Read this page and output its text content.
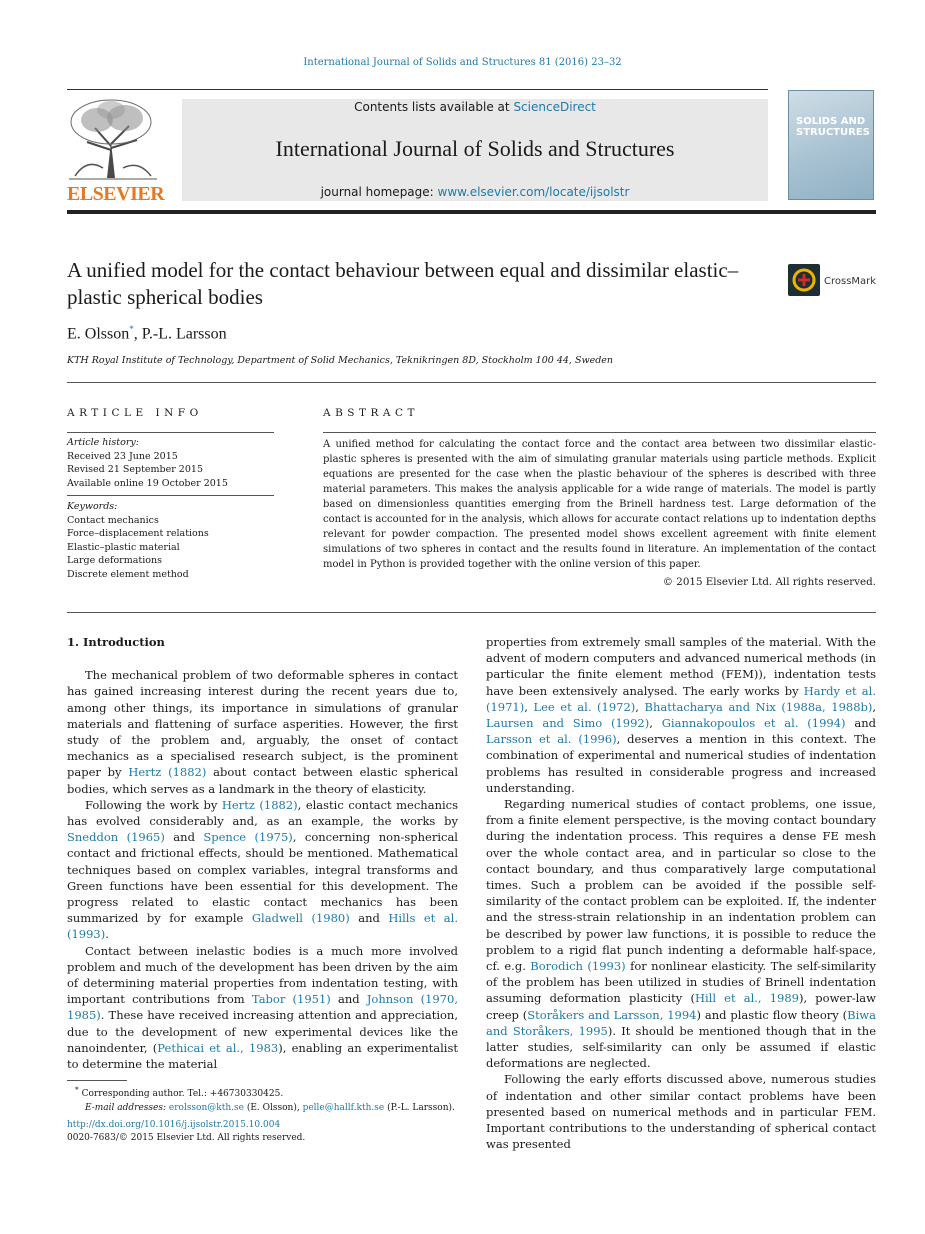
International Journal of Solids and Structures 81 (2016) 23–32
ELSEVIER
Contents lists available at ScienceDirect
International Journal of Solids and Structures
journal homepage: www.elsevier.com/locate/ijsolstr
SOLIDS AND STRUCTURES
A unified model for the contact behaviour between equal and dissimilar elastic–plastic spherical bodies
CrossMark
E. Olsson*, P.-L. Larsson
KTH Royal Institute of Technology, Department of Solid Mechanics, Teknikringen 8D, Stockholm 100 44, Sweden
ARTICLE INFO
Article history:
Received 23 June 2015
Revised 21 September 2015
Available online 19 October 2015
Keywords:
Contact mechanics
Force–displacement relations
Elastic–plastic material
Large deformations
Discrete element method
ABSTRACT
A unified method for calculating the contact force and the contact area between two dissimilar elastic-plastic spheres is presented with the aim of simulating granular materials using particle methods. Explicit equations are presented for the case when the plastic behaviour of the spheres is described with three material parameters. This makes the analysis applicable for a wide range of materials. The model is partly based on dimensionless quantities emerging from the Brinell hardness test. Large deformation of the contact is accounted for in the analysis, which allows for accurate contact relations up to indentation depths relevant for powder compaction. The presented model shows excellent agreement with finite element simulations of two spheres in contact and the results found in literature. An implementation of the contact model in Python is provided together with the online version of this paper.
© 2015 Elsevier Ltd. All rights reserved.

1. Introduction

The mechanical problem of two deformable spheres in contact has gained increasing interest during the recent years due to, among other things, its importance in simulations of granular materials and flattening of surface asperities. However, the first study of the problem and, arguably, the onset of contact mechanics as a specialised research subject, is the prominent paper by Hertz (1882) about contact between elastic spherical bodies, which serves as a landmark in the theory of elasticity.

Following the work by Hertz (1882), elastic contact mechanics has evolved considerably and, as an example, the works by Sneddon (1965) and Spence (1975), concerning non-spherical contact and frictional effects, should be mentioned. Mathematical techniques based on complex variables, integral transforms and Green functions have been essential for this development. The progress related to elastic contact mechanics has been summarized by for example Gladwell (1980) and Hills et al. (1993).

Contact between inelastic bodies is a much more involved problem and much of the development has been driven by the aim of determining material properties from indentation testing, with important contributions from Tabor (1951) and Johnson (1970, 1985). These have received increasing attention and appreciation, due to the development of new experimental devices like the nanoindenter, (Pethicai et al., 1983), enabling an experimentalist to determine the material

properties from extremely small samples of the material. With the advent of modern computers and advanced numerical methods (in particular the finite element method (FEM)), indentation tests have been extensively analysed. The early works by Hardy et al. (1971), Lee et al. (1972), Bhattacharya and Nix (1988a, 1988b), Laursen and Simo (1992), Giannakopoulos et al. (1994) and Larsson et al. (1996), deserves a mention in this context. The combination of experimental and numerical studies of indentation problems has resulted in considerable progress and increased understanding.

Regarding numerical studies of contact problems, one issue, from a finite element perspective, is the moving contact boundary during the indentation process. This requires a dense FE mesh over the whole contact area, and in particular so close to the contact boundary, and thus comparatively large computational times. Such a problem can be avoided if the possible self-similarity of the contact problem can be exploited. If, the indenter and the stress-strain relationship in an indentation problem can be described by power law functions, it is possible to reduce the problem to a rigid flat punch indenting a deformable half-space, cf. e.g. Borodich (1993) for nonlinear elasticity. The self-similarity of the problem has been utilized in studies of Brinell indentation assuming deformation plasticity (Hill et al., 1989), power-law creep (Storåkers and Larsson, 1994) and plastic flow theory (Biwa and Storåkers, 1995). It should be mentioned though that in the latter studies, self-similarity can only be assumed if elastic deformations are neglected.

Following the early efforts discussed above, numerous studies of indentation and other similar contact problems have been presented based on numerical methods and in particular FEM. Important contributions to the understanding of spherical contact was presented

* Corresponding author. Tel.: +46730330425.
E-mail addresses: erolsson@kth.se (E. Olsson), pelle@hallf.kth.se (P.-L. Larsson).
http://dx.doi.org/10.1016/j.ijsolstr.2015.10.004
0020-7683/© 2015 Elsevier Ltd. All rights reserved.
